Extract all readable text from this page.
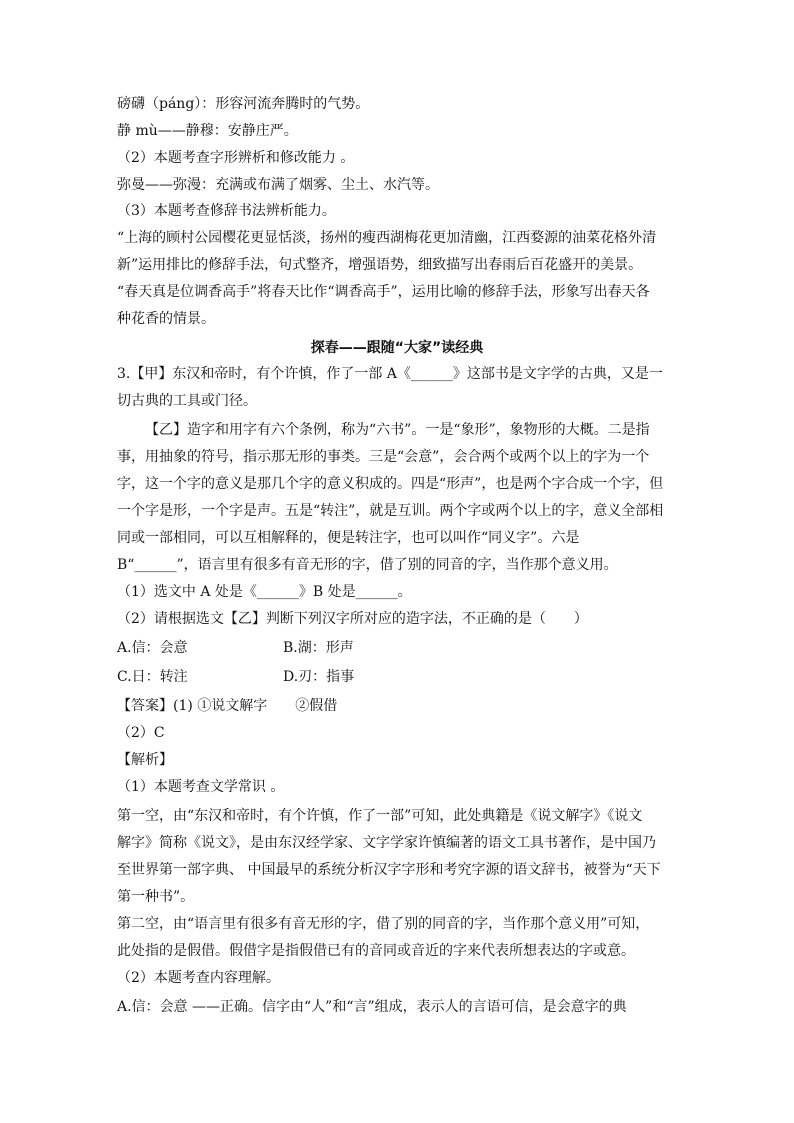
磅礴（páng）：形容河流奔腾时的气势。
静 mù——静穆：安静庄严。
（2）本题考查字形辨析和修改能力 。
弥曼——弥漫：充满或布满了烟雾、尘土、水汽等。
（3）本题考查修辞书法辨析能力。
“上海的顾村公园樱花更显恬淡，扬州的瘦西湖梅花更加清幽，江西婺源的油菜花格外清
新”运用排比的修辞手法，句式整齐，增强语势，细致描写出春雨后百花盛开的美景。
“春天真是位调香高手”将春天比作“调香高手”，运用比喻的修辞手法，形象写出春天各
种花香的情景。
探春——跟随“大家”读经典
3.【甲】东汉和帝时，有个许慎，作了一部 A《______》这部书是文字学的古典，又是一
切古典的工具或门径。
【乙】造字和用字有六个条例，称为“六书”。一是“象形”，象物形的大概。二是指
事，用抽象的符号，指示那无形的事类。三是“会意”，会合两个或两个以上的字为一个
字，这一个字的意义是那几个字的意义积成的。四是“形声”，也是两个字合成一个字，但
一个字是形，一个字是声。五是“转注”，就是互训。两个字或两个以上的字，意义全部相
同或一部相同，可以互相解释的，便是转注字，也可以叫作“同义字”。六是
B“______”，语言里有很多有音无形的字，借了别的同音的字，当作那个意义用。
（1）选文中 A 处是《______》B 处是______。
（2）请根据选文【乙】判断下列汉字所对应的造字法，不正确的是（　　）
A.信：会意	B.湖：形声
C.日：转注	D.刃：指事
【答案】(1) ①说文解字　　②假借
（2）C
【解析】
（1）本题考查文学常识 。
第一空，由“东汉和帝时，有个许慎，作了一部”可知，此处典籍是《说文解字》《说文
解字》简称《说文》，是由东汉经学家、文字学家许慎编著的语文工具书著作，是中国乃
至世界第一部字典、 中国最早的系统分析汉字字形和考究字源的语文辞书，被誉为“天下
第一种书”。
第二空，由“语言里有很多有音无形的字，借了别的同音的字，当作那个意义用”可知，
此处指的是假借。假借字是指假借已有的音同或音近的字来代表所想表达的字或意。
（2）本题考查内容理解。
A.信：会意 ——正确。信字由“人”和“言”组成，表示人的言语可信，是会意字的典
